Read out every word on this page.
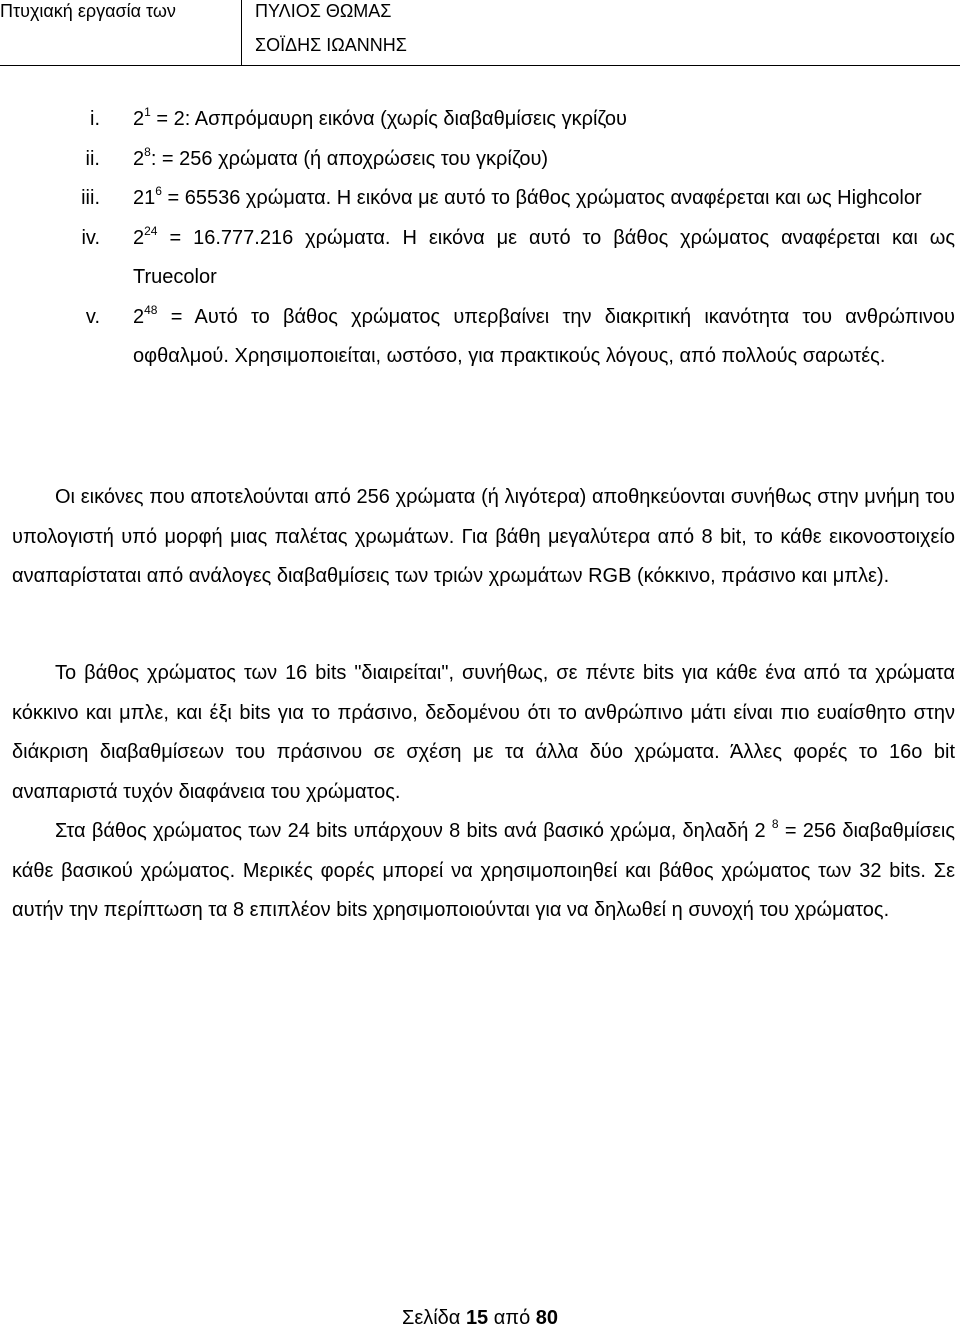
Πτυχιακή εργασία των	ΠΥΛΙΟΣ ΘΩΜΑΣ
ΣΟΪΔΗΣ ΙΩΑΝΝΗΣ
i. $2^1 = 2$: Ασπρόμαυρη εικόνα (χωρίς διαβαθμίσεις γκρίζου
ii. $2^8$: = 256 χρώματα (ή αποχρώσεις του γκρίζου)
iii. $21^6 = 65536$ χρώματα. Η εικόνα με αυτό το βάθος χρώματος αναφέρεται και ως Highcolor
iv. $2^{24} = 16.777.216$ χρώματα. Η εικόνα με αυτό το βάθος χρώματος αναφέρεται και ως Truecolor
v. $2^{48} = A\upsilon\tau ό$ το βάθος χρώματος υπερβαίνει την διακριτική ικανότητα του ανθρώπινου οφθαλμού. Χρησιμοποιείται, ωστόσο, για πρακτικούς λόγους, από πολλούς σαρωτές.

Οι εικόνες που αποτελούνται από 256 χρώματα (ή λιγότερα) αποθηκεύονται συνήθως στην μνήμη του υπολογιστή υπό μορφή μιας παλέτας χρωμάτων. Για βάθη μεγαλύτερα από 8 bit, το κάθε εικονοστοιχείο αναπαρίσταται από ανάλογες διαβαθμίσεις των τριών χρωμάτων RGB (κόκκινο, πράσινο και μπλε).

Το βάθος χρώματος των 16 bits "διαιρείται", συνήθως, σε πέντε bits για κάθε ένα από τα χρώματα κόκκινο και μπλε, και έξι bits για το πράσινο, δεδομένου ότι το ανθρώπινο μάτι είναι πιο ευαίσθητο στην διάκριση διαβαθμίσεων του πράσινου σε σχέση με τα άλλα δύο χρώματα. Άλλες φορές το 16ο bit αναπαριστά τυχόν διαφάνεια του χρώματος.

Στα βάθος χρώματος των 24 bits υπάρχουν 8 bits ανά βασικό χρώμα, δηλαδή 2 $^8$ = 256 διαβαθμίσεις κάθε βασικού χρώματος. Μερικές φορές μπορεί να χρησιμοποιηθεί και βάθος χρώματος των 32 bits. Σε αυτήν την περίπτωση τα 8 επιπλέον bits χρησιμοποιούνται για να δηλωθεί η συνοχή του χρώματος.

Σελίδα 15 από 80
